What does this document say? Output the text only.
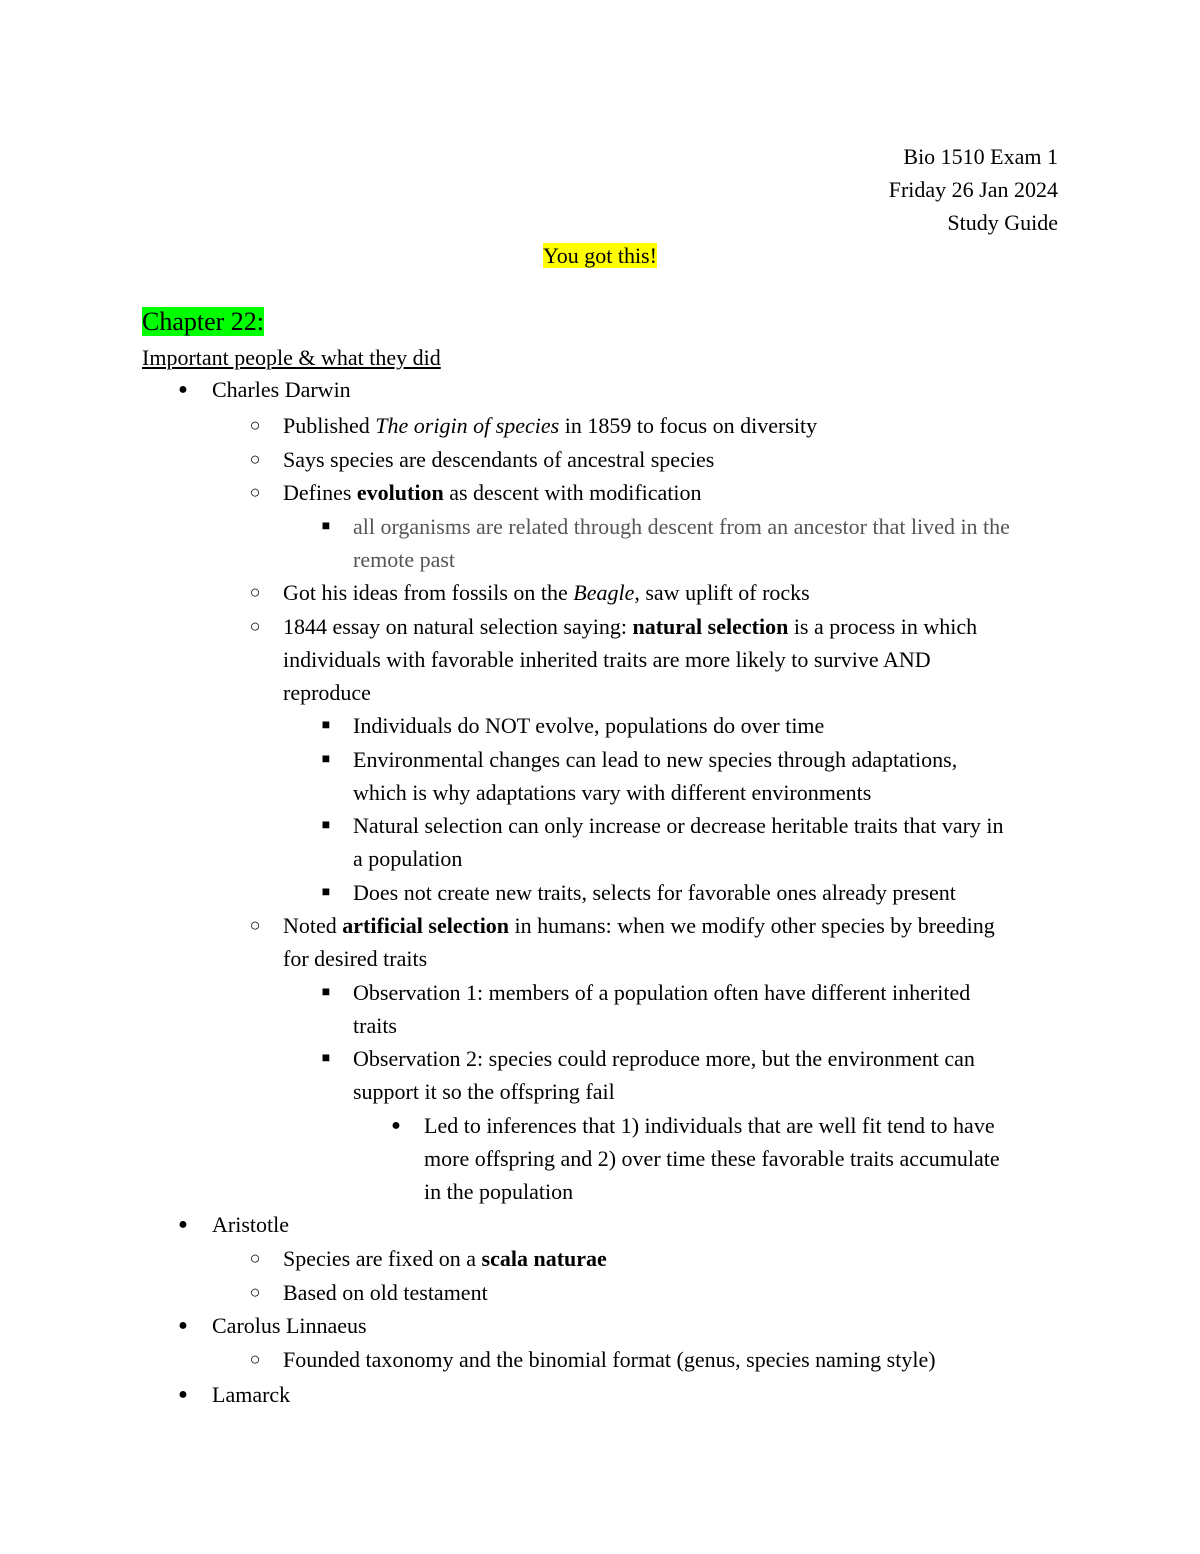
Bio 1510 Exam 1
Friday 26 Jan 2024
Study Guide
You got this!
Chapter 22:
Important people & what they did
● Charles Darwin
○ Published The origin of species in 1859 to focus on diversity
○ Says species are descendants of ancestral species
○ Defines evolution as descent with modification
■ all organisms are related through descent from an ancestor that lived in the
remote past
○ Got his ideas from fossils on the Beagle, saw uplift of rocks
○ 1844 essay on natural selection saying: natural selection is a process in which
individuals with favorable inherited traits are more likely to survive AND
reproduce
■ Individuals do NOT evolve, populations do over time
■ Environmental changes can lead to new species through adaptations,
which is why adaptations vary with different environments
■ Natural selection can only increase or decrease heritable traits that vary in
a population
■ Does not create new traits, selects for favorable ones already present
○ Noted artificial selection in humans: when we modify other species by breeding
for desired traits
■ Observation 1: members of a population often have different inherited
traits
■ Observation 2: species could reproduce more, but the environment can
support it so the offspring fail
● Led to inferences that 1) individuals that are well fit tend to have
more offspring and 2) over time these favorable traits accumulate
in the population
● Aristotle
○ Species are fixed on a scala naturae
○ Based on old testament
● Carolus Linnaeus
○ Founded taxonomy and the binomial format (genus, species naming style)
● Lamarck
